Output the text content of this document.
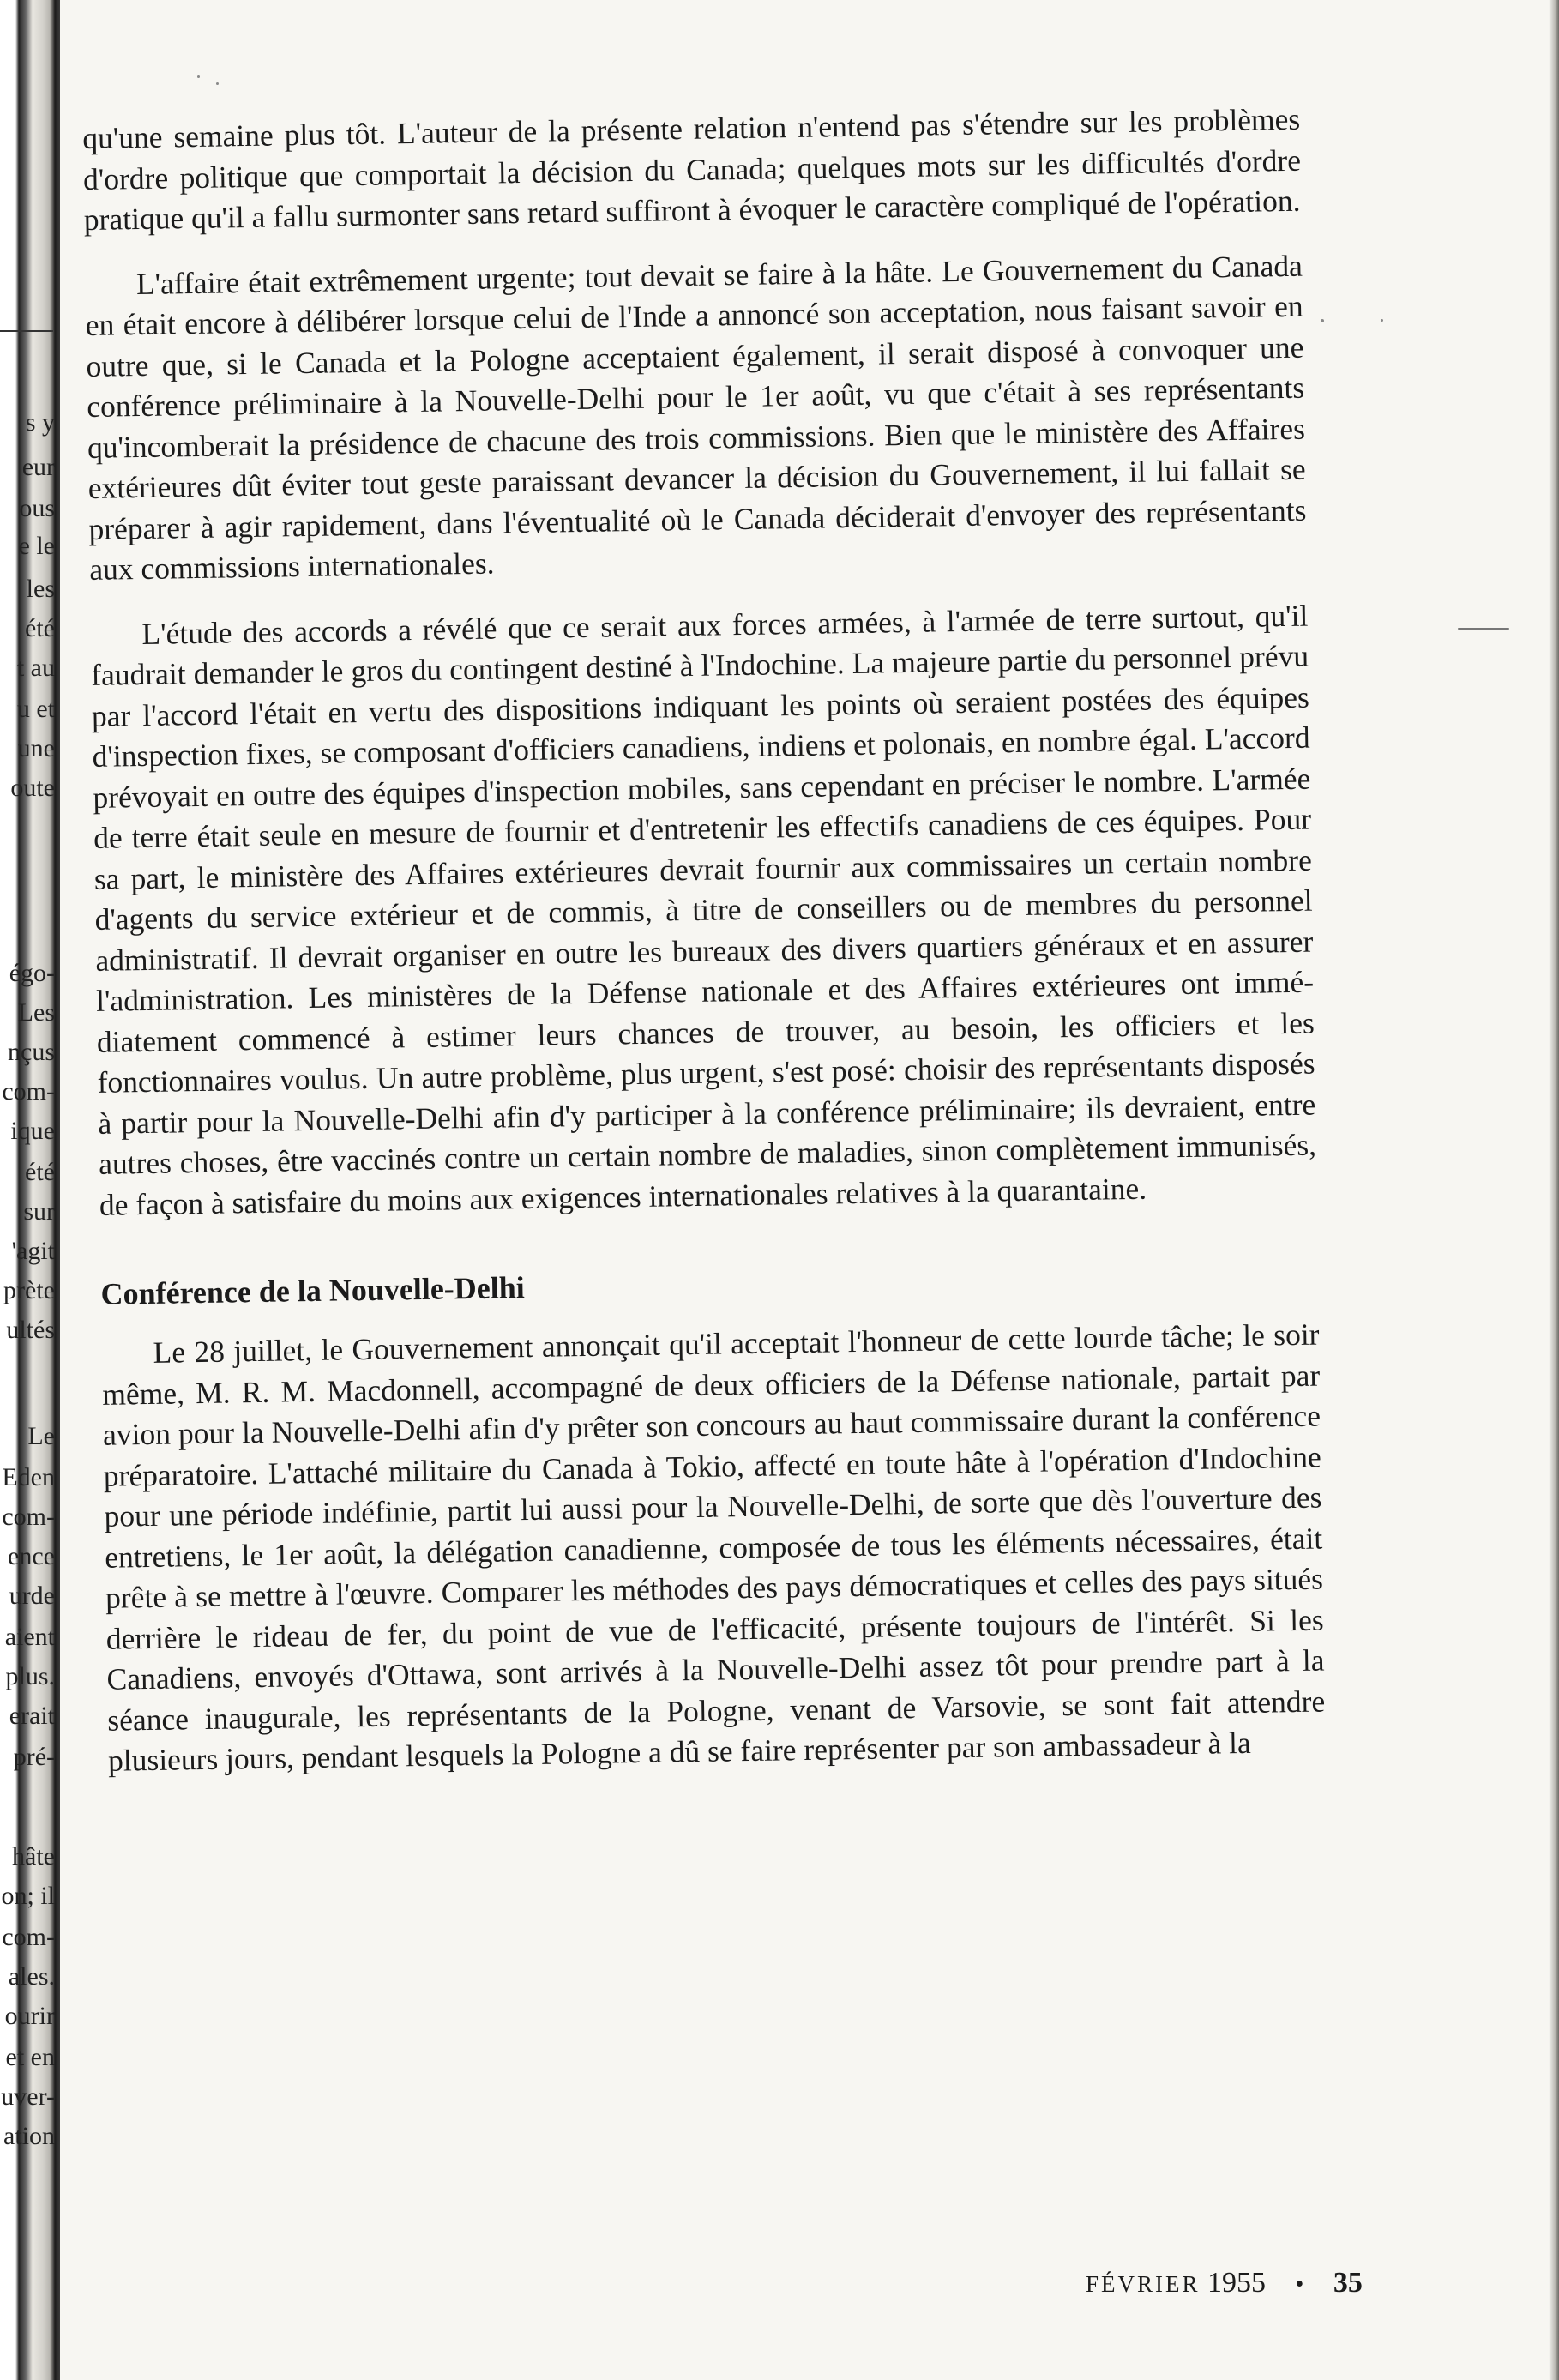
s y
eur
ous
e le
les
été
t au
u et
une
oute
égo-
Les
nçus
com-
ique
été
sur
'agit
prète
ultés
Le
Eden
com-
ence
urde
aient
plus.
erait
pré-
hâte
on; il
com-
ales.
ourir
et en
uver-
ation

qu'une semaine plus tôt. L'auteur de la présente relation n'entend pas s'étendre sur les problèmes d'ordre politique que comportait la décision du Canada; quelques mots sur les difficultés d'ordre pratique qu'il a fallu surmonter sans retard suffiront à évoquer le caractère compliqué de l'opération.

L'affaire était extrêmement urgente; tout devait se faire à la hâte. Le Gouvernement du Canada en était encore à délibérer lorsque celui de l'Inde a annoncé son acceptation, nous faisant savoir en outre que, si le Canada et la Pologne acceptaient également, il serait disposé à convoquer une conférence préliminaire à la Nouvelle-Delhi pour le 1er août, vu que c'était à ses représentants qu'incomberait la présidence de chacune des trois commissions. Bien que le ministère des Affaires extérieures dût éviter tout geste paraissant devancer la décision du Gouvernement, il lui fallait se préparer à agir rapidement, dans l'éventualité où le Canada déciderait d'envoyer des représentants aux commissions internationales.

L'étude des accords a révélé que ce serait aux forces armées, à l'armée de terre surtout, qu'il faudrait demander le gros du contingent destiné à l'Indochine. La majeure partie du personnel prévu par l'accord l'était en vertu des dispositions indiquant les points où seraient postées des équipes d'inspection fixes, se composant d'officiers canadiens, indiens et polonais, en nombre égal. L'accord prévoyait en outre des équipes d'inspection mobiles, sans cependant en préciser le nombre. L'armée de terre était seule en mesure de fournir et d'entretenir les effectifs canadiens de ces équipes. Pour sa part, le ministère des Affaires extérieures devrait fournir aux commissaires un certain nombre d'agents du service extérieur et de commis, à titre de conseillers ou de membres du personnel administratif. Il devrait organiser en outre les bureaux des divers quartiers généraux et en assurer l'administration. Les ministères de la Défense nationale et des Affaires extérieures ont immédiatement commencé à estimer leurs chances de trouver, au besoin, les officiers et les fonctionnaires voulus. Un autre problème, plus urgent, s'est posé: choisir des représentants disposés à partir pour la Nouvelle-Delhi afin d'y participer à la conférence préliminaire; ils devraient, entre autres choses, être vaccinés contre un certain nombre de maladies, sinon complètement immunisés, de façon à satisfaire du moins aux exigences internationales relatives à la quarantaine.

Conférence de la Nouvelle-Delhi

Le 28 juillet, le Gouvernement annonçait qu'il acceptait l'honneur de cette lourde tâche; le soir même, M. R. M. Macdonnell, accompagné de deux officiers de la Défense nationale, partait par avion pour la Nouvelle-Delhi afin d'y prêter son concours au haut commissaire durant la conférence préparatoire. L'attaché militaire du Canada à Tokio, affecté en toute hâte à l'opération d'Indochine pour une période indéfinie, partit lui aussi pour la Nouvelle-Delhi, de sorte que dès l'ouverture des entretiens, le 1er août, la délégation canadienne, composée de tous les éléments nécessaires, était prête à se mettre à l'œuvre. Comparer les méthodes des pays démocratiques et celles des pays situés derrière le rideau de fer, du point de vue de l'efficacité, présente toujours de l'intérêt. Si les Canadiens, envoyés d'Ottawa, sont arrivés à la Nouvelle-Delhi assez tôt pour prendre part à la séance inaugurale, les représentants de la Pologne, venant de Varsovie, se sont fait attendre plusieurs jours, pendant lesquels la Pologne a dû se faire représenter par son ambassadeur à la

FÉVRIER 1955 • 35
